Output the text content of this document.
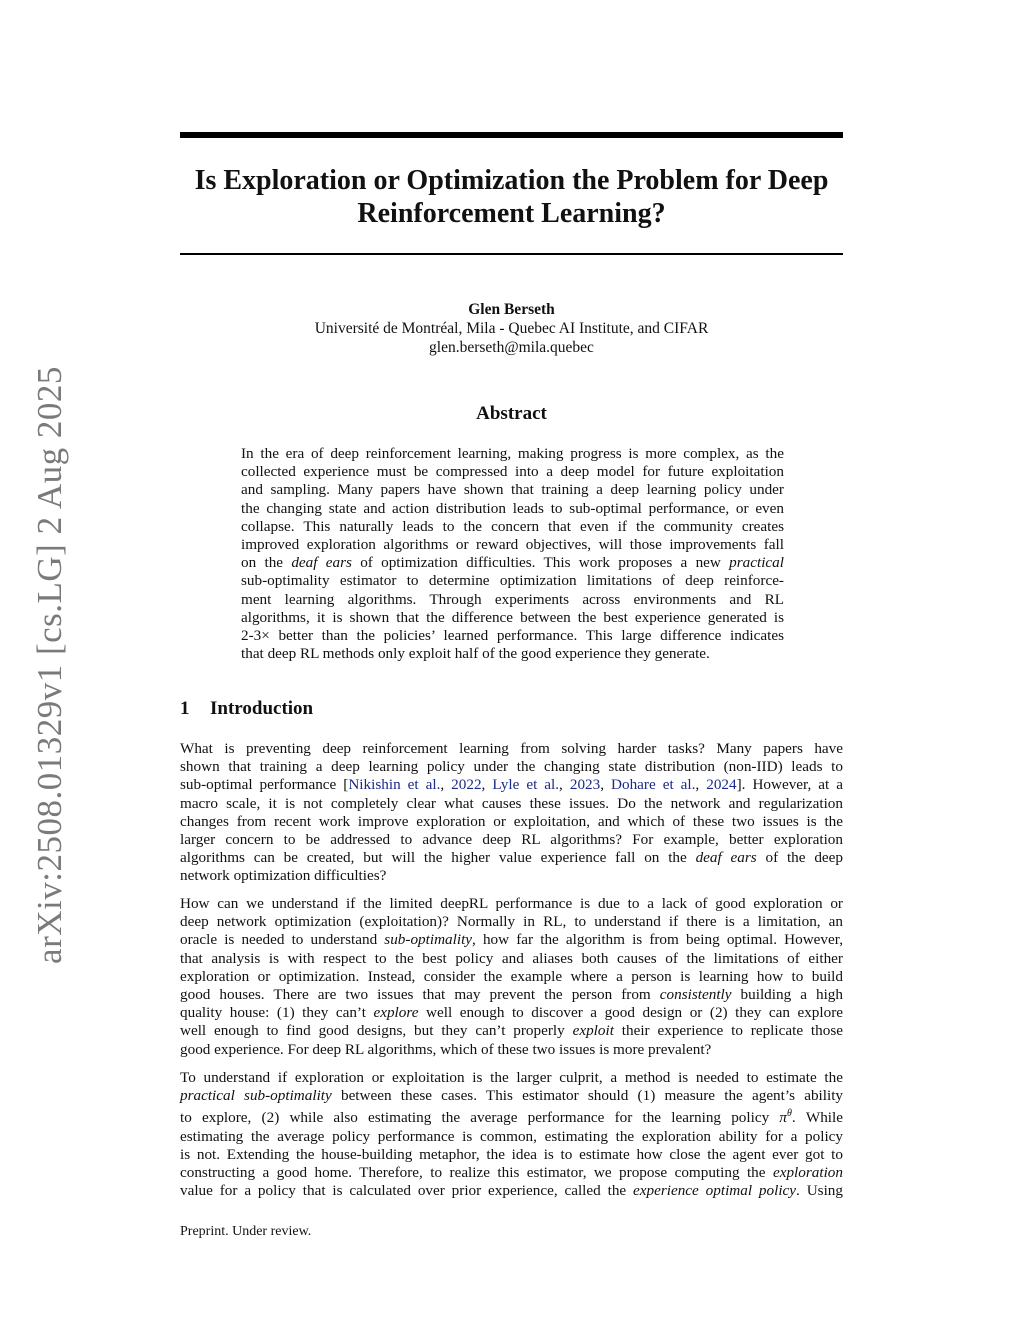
arXiv:2508.01329v1 [cs.LG] 2 Aug 2025
Is Exploration or Optimization the Problem for Deep
Reinforcement Learning?
Glen Berseth
Université de Montréal, Mila - Quebec AI Institute, and CIFAR
glen.berseth@mila.quebec
Abstract
In the era of deep reinforcement learning, making progress is more complex, as the
collected experience must be compressed into a deep model for future exploitation
and sampling. Many papers have shown that training a deep learning policy under
the changing state and action distribution leads to sub-optimal performance, or even
collapse. This naturally leads to the concern that even if the community creates
improved exploration algorithms or reward objectives, will those improvements fall
on the deaf ears of optimization difficulties. This work proposes a new practical
sub-optimality estimator to determine optimization limitations of deep reinforce-
ment learning algorithms. Through experiments across environments and RL
algorithms, it is shown that the difference between the best experience generated is
2-3× better than the policies’ learned performance. This large difference indicates
that deep RL methods only exploit half of the good experience they generate.
1 Introduction

What is preventing deep reinforcement learning from solving harder tasks? Many papers have
shown that training a deep learning policy under the changing state distribution (non-IID) leads to
sub-optimal performance [Nikishin et al., 2022, Lyle et al., 2023, Dohare et al., 2024]. However, at a
macro scale, it is not completely clear what causes these issues. Do the network and regularization
changes from recent work improve exploration or exploitation, and which of these two issues is the
larger concern to be addressed to advance deep RL algorithms? For example, better exploration
algorithms can be created, but will the higher value experience fall on the deaf ears of the deep
network optimization difficulties?

How can we understand if the limited deepRL performance is due to a lack of good exploration or
deep network optimization (exploitation)? Normally in RL, to understand if there is a limitation, an
oracle is needed to understand sub-optimality, how far the algorithm is from being optimal. However,
that analysis is with respect to the best policy and aliases both causes of the limitations of either
exploration or optimization. Instead, consider the example where a person is learning how to build
good houses. There are two issues that may prevent the person from consistently building a high
quality house: (1) they can’t explore well enough to discover a good design or (2) they can explore
well enough to find good designs, but they can’t properly exploit their experience to replicate those
good experience. For deep RL algorithms, which of these two issues is more prevalent?

To understand if exploration or exploitation is the larger culprit, a method is needed to estimate the
practical sub-optimality between these cases. This estimator should (1) measure the agent’s ability
to explore, (2) while also estimating the average performance for the learning policy $\pi^\theta$. While
estimating the average policy performance is common, estimating the exploration ability for a policy
is not. Extending the house-building metaphor, the idea is to estimate how close the agent ever got to
constructing a good home. Therefore, to realize this estimator, we propose computing the exploration
value for a policy that is calculated over prior experience, called the experience optimal policy. Using

Preprint. Under review.
